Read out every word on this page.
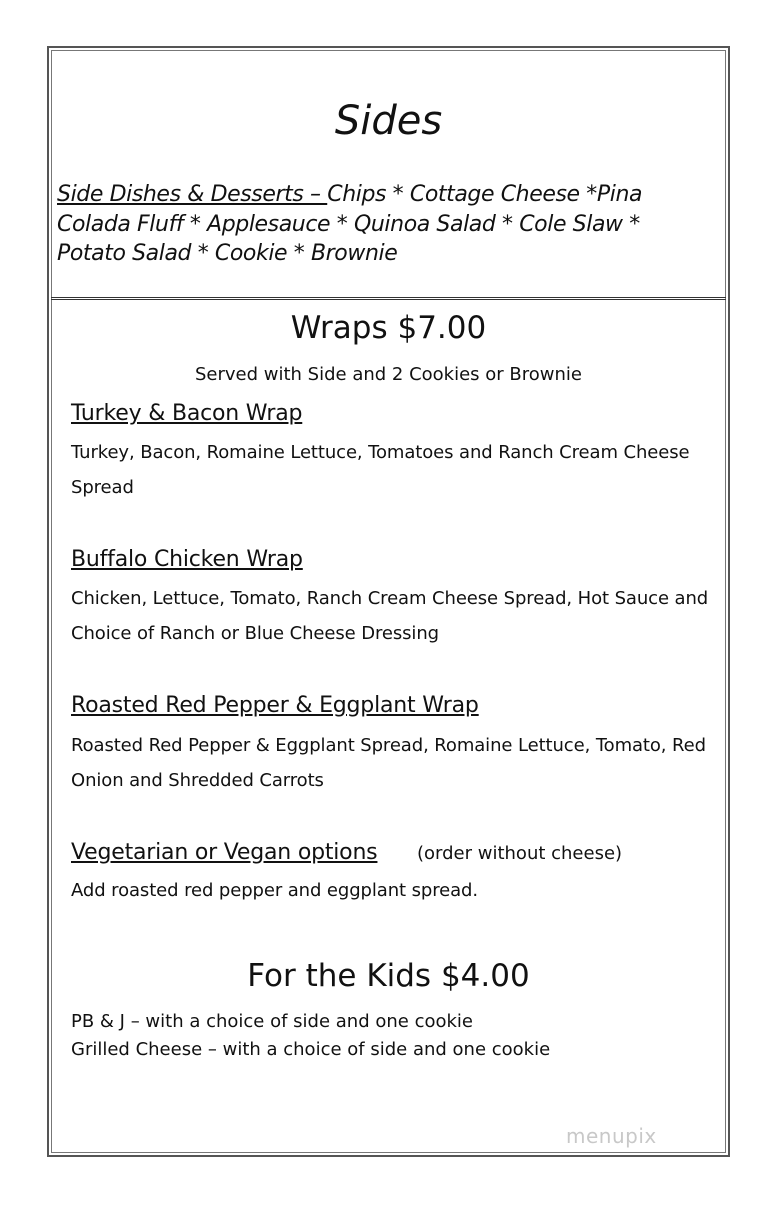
Sides
Side Dishes & Desserts – Chips * Cottage Cheese *Pina Colada Fluff * Applesauce * Quinoa Salad * Cole Slaw * Potato Salad * Cookie * Brownie
Wraps $7.00
Served with Side and 2 Cookies or Brownie
Turkey & Bacon Wrap
Turkey, Bacon, Romaine Lettuce, Tomatoes and Ranch Cream Cheese Spread
Buffalo Chicken Wrap
Chicken, Lettuce, Tomato, Ranch Cream Cheese Spread, Hot Sauce and Choice of Ranch or Blue Cheese Dressing
Roasted Red Pepper & Eggplant Wrap
Roasted Red Pepper & Eggplant Spread, Romaine Lettuce, Tomato, Red Onion and Shredded Carrots
Vegetarian or Vegan options (order without cheese)
Add roasted red pepper and eggplant spread.
For the Kids $4.00
PB & J – with a choice of side and one cookie
Grilled Cheese – with a choice of side and one cookie
menupix
